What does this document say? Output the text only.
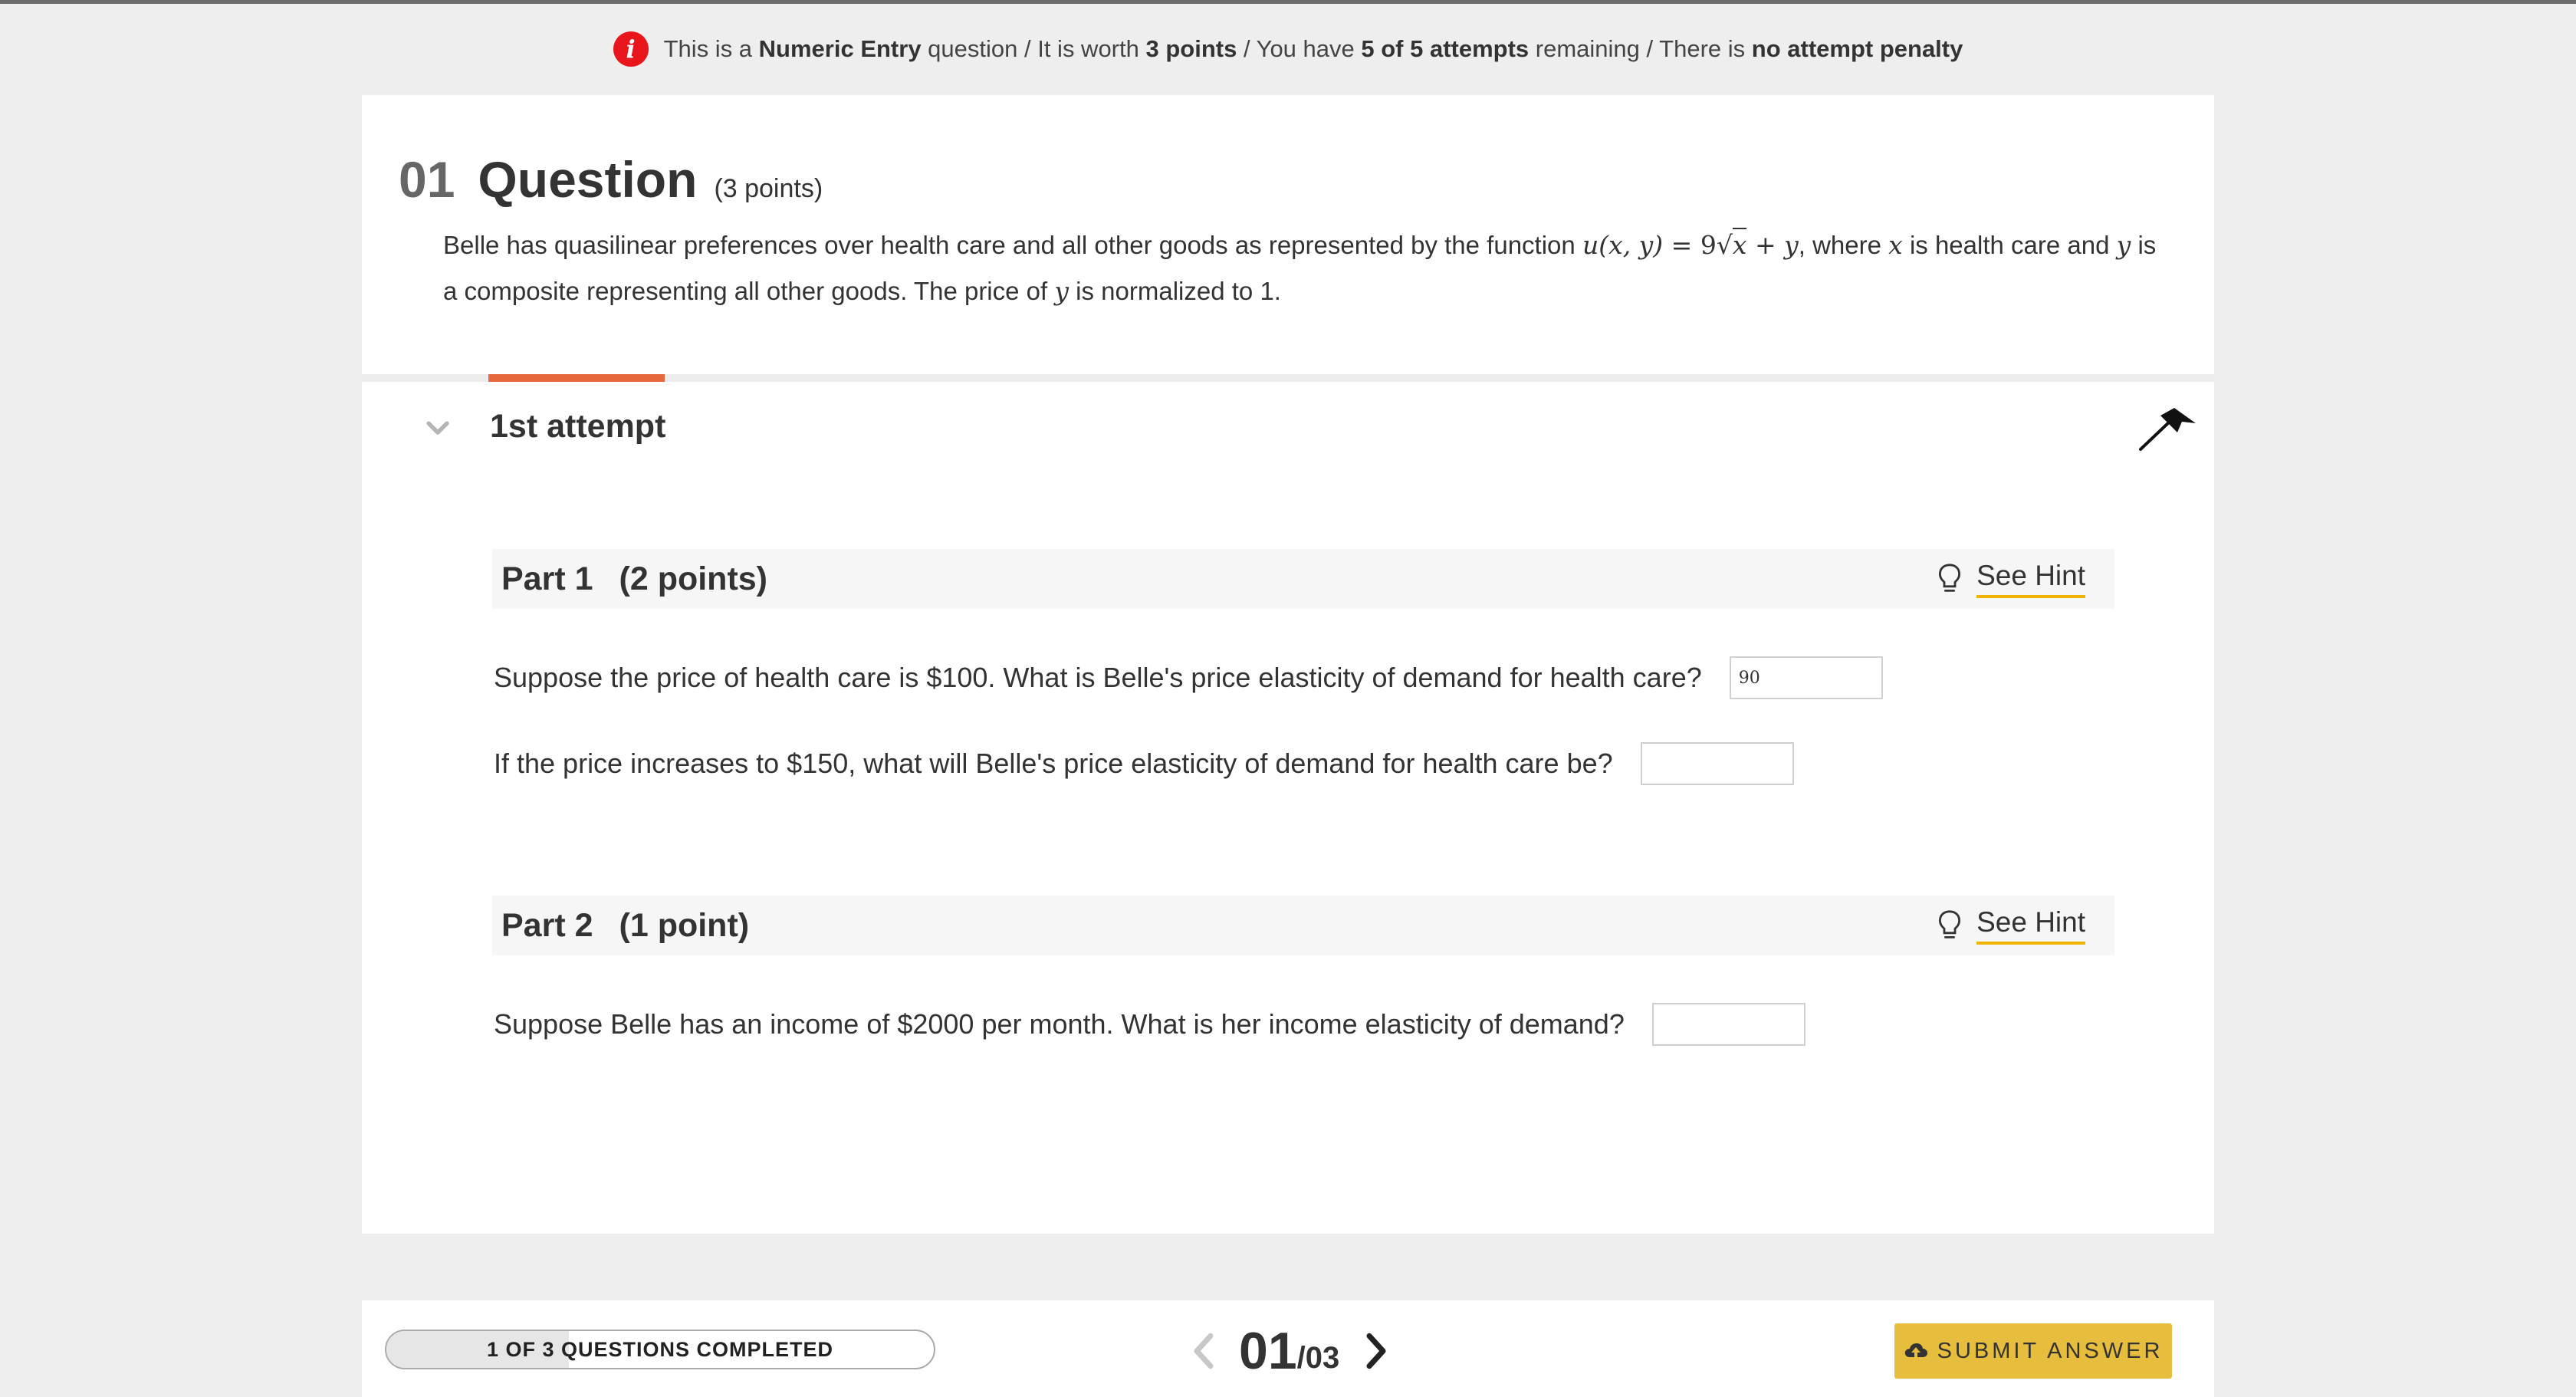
i	This is a Numeric Entry question / It is worth 3 points / You have 5 of 5 attempts remaining / There is no attempt penalty
01 Question (3 points)
Belle has quasilinear preferences over health care and all other goods as represented by the function u(x, y) = 9√x + y, where x is health care and y is a composite representing all other goods. The price of y is normalized to 1.
1st attempt
Part 1 (2 points)	See Hint
Suppose the price of health care is $100. What is Belle's price elasticity of demand for health care?
90
If the price increases to $150, what will Belle's price elasticity of demand for health care be?
Part 2 (1 point)	See Hint
Suppose Belle has an income of $2000 per month. What is her income elasticity of demand?
1 OF 3 QUESTIONS COMPLETED	01 /03	SUBMIT ANSWER
